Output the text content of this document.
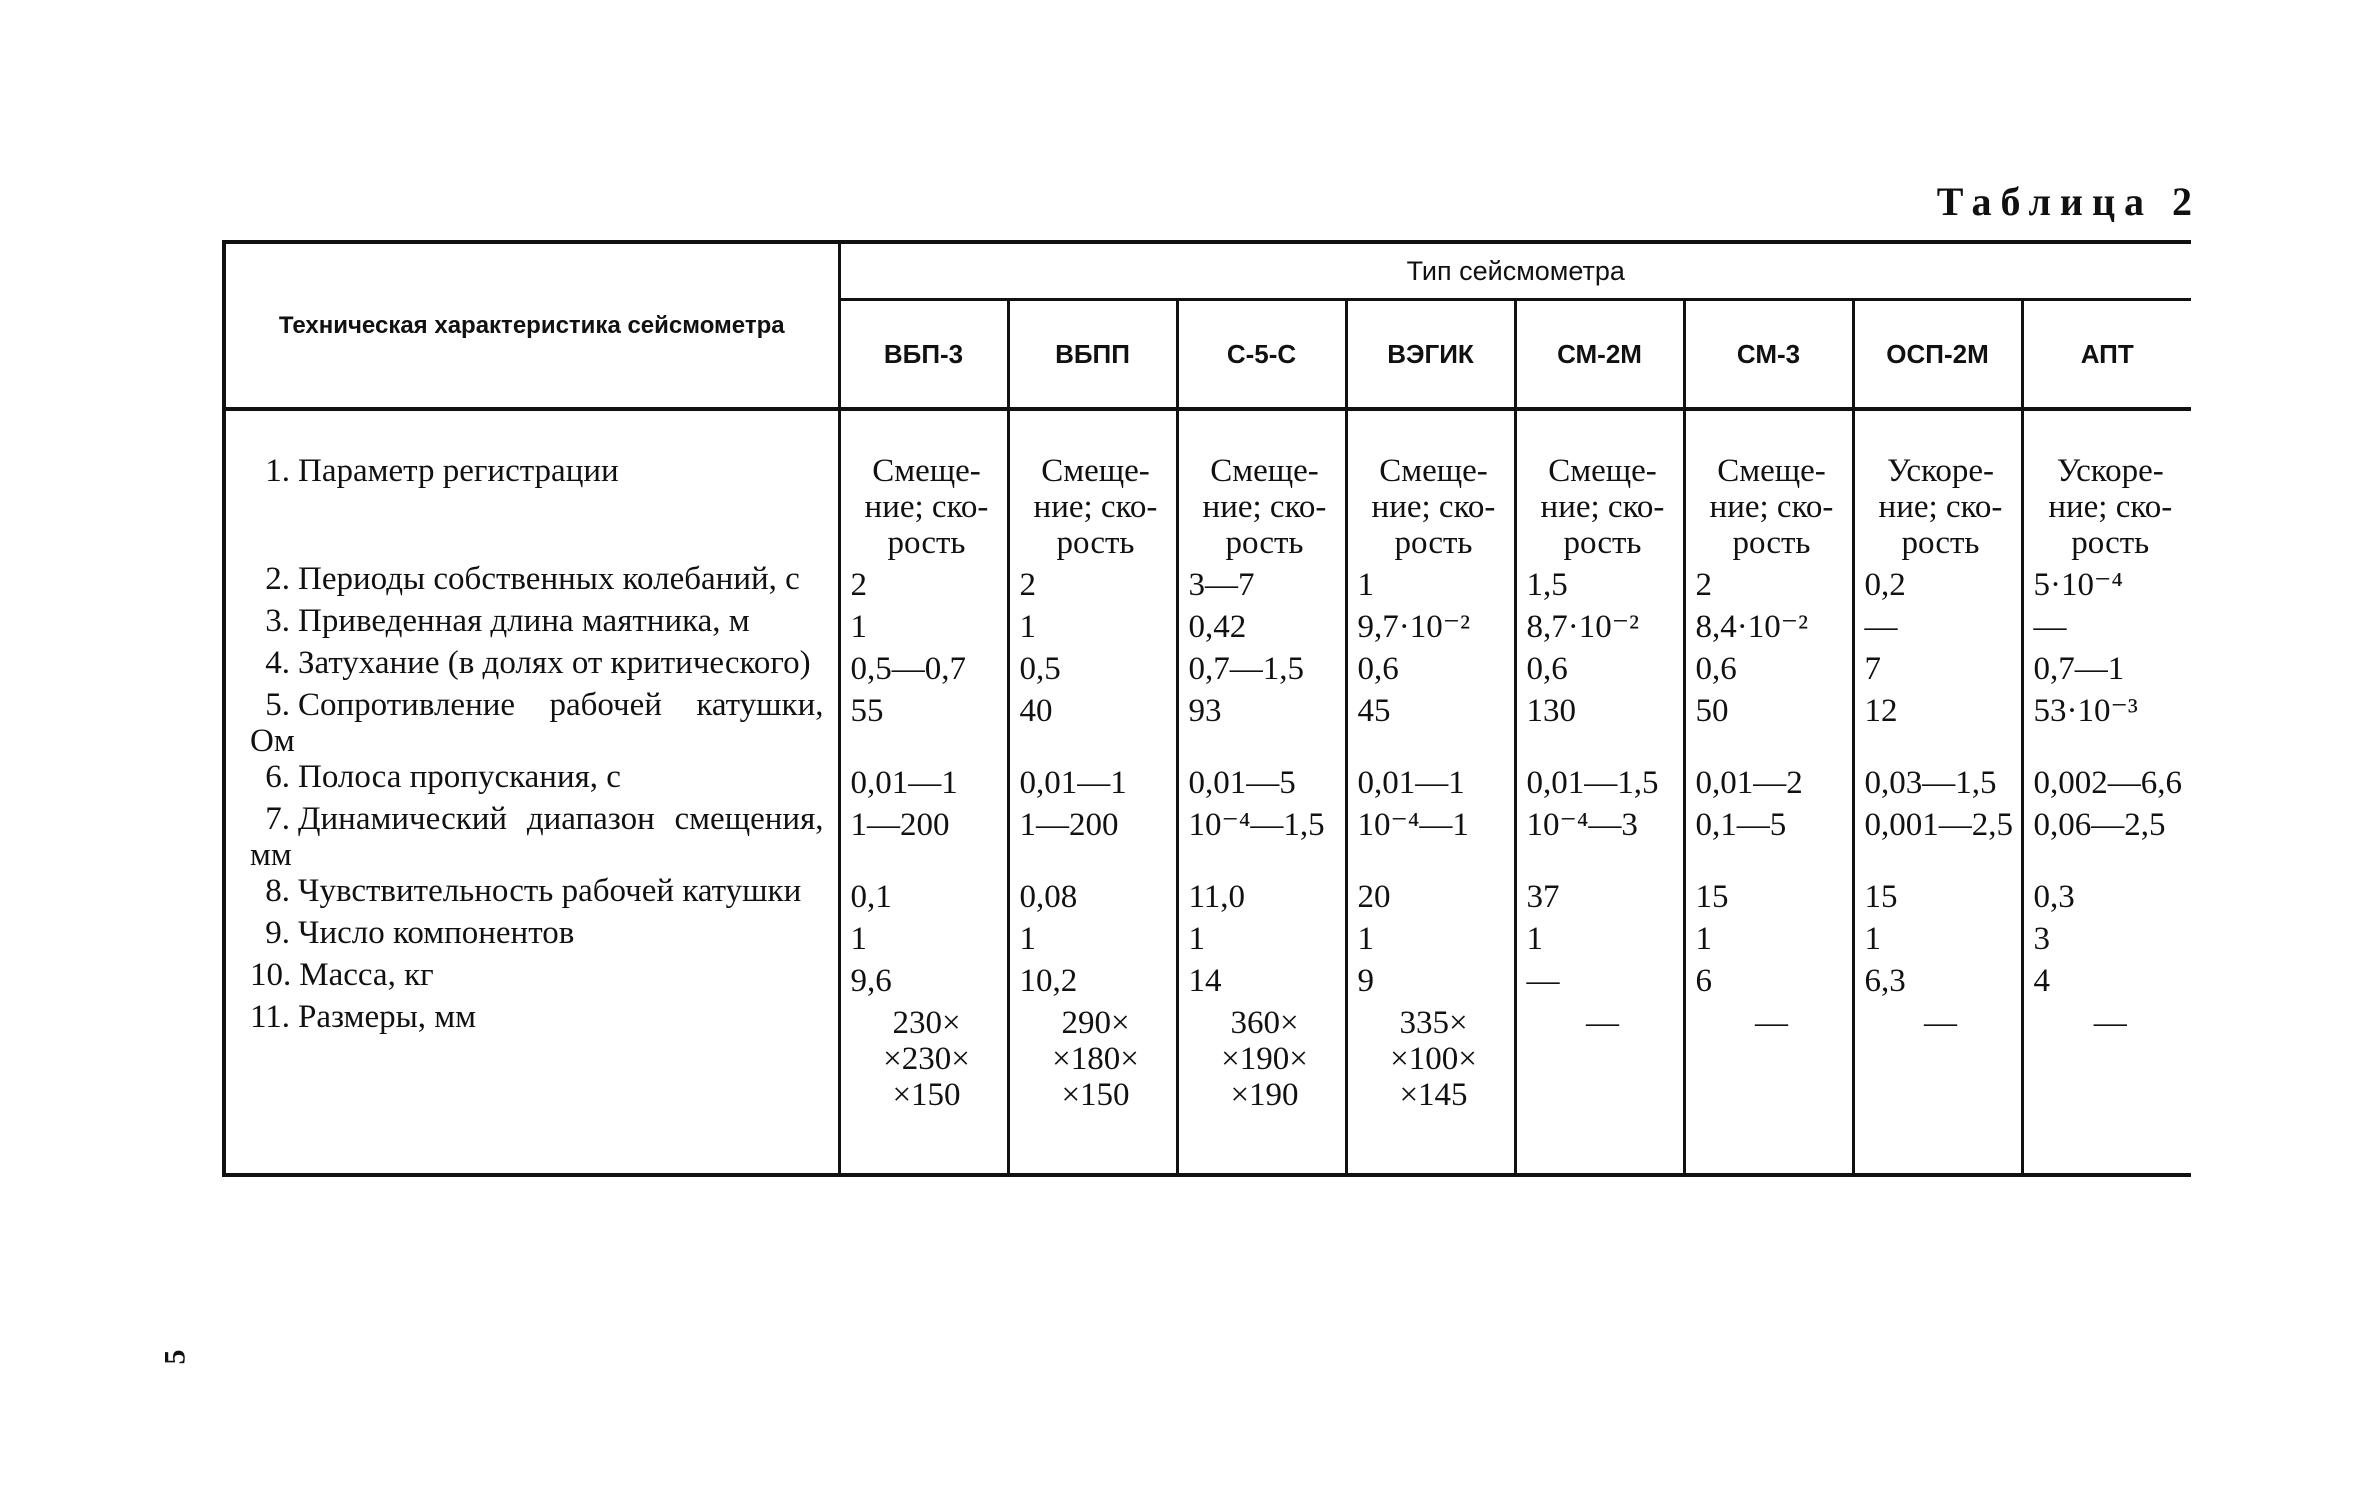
Таблица 2
Техническая характеристика сейсмометра	Тип сейсмометра							
	ВБП-3	ВБПП	С-5-С	ВЭГИК	СМ-2М	СМ-3	ОСП-2М	АПТ
1. Параметр регистрации	Смеще-ние; ско-рость	Смеще-ние; ско-рость	Смеще-ние; ско-рость	Смеще-ние; ско-рость	Смеще-ние; ско-рость	Смеще-ние; ско-рость	Ускоре-ние; ско-рость	Ускоре-ние; ско-рость
2. Периоды собственных колебаний, с	2	2	3—7	1	1,5	2	0,2	5·10⁻⁴
3. Приведенная длина маятника, м	1	1	0,42	9,7·10⁻²	8,7·10⁻²	8,4·10⁻²	—	—
4. Затухание (в долях от критического)	0,5—0,7	0,5	0,7—1,5	0,6	0,6	0,6	7	0,7—1
5. Сопротивление рабочей катушки, Ом	55	40	93	45	130	50	12	53·10⁻³
6. Полоса пропускания, с	0,01—1	0,01—1	0,01—5	0,01—1	0,01—1,5	0,01—2	0,03—1,5	0,002—6,6
7. Динамический диапазон смещения, мм	1—200	1—200	10⁻⁴—1,5	10⁻⁴—1	10⁻⁴—3	0,1—5	0,001—2,5	0,06—2,5
8. Чувствительность рабочей катушки	0,1	0,08	11,0	20	37	15	15	0,3
9. Число компонентов	1	1	1	1	1	1	1	3
10. Масса, кг	9,6	10,2	14	9	—	6	6,3	4
11. Размеры, мм	230× ×230× ×150	290× ×180× ×150	360× ×190× ×190	335× ×100× ×145	—	—	—	—
5
